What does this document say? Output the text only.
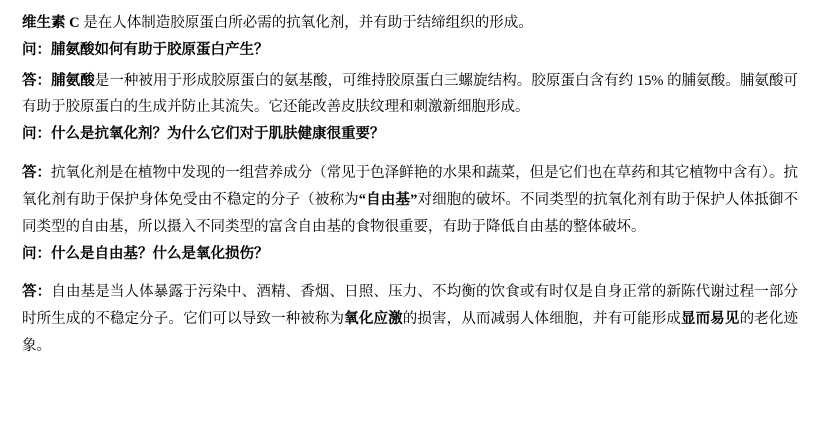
维生素 C 是在人体制造胶原蛋白所必需的抗氧化剂，并有助于结缔组织的形成。

问：脯氨酸如何有助于胶原蛋白产生？

答：脯氨酸是一种被用于形成胶原蛋白的氨基酸，可维持胶原蛋白三螺旋结构。胶原蛋白含有约 15% 的脯氨酸。脯氨酸可有助于胶原蛋白的生成并防止其流失。它还能改善皮肤纹理和刺激新细胞形成。

问：什么是抗氧化剂？为什么它们对于肌肤健康很重要？

答：抗氧化剂是在植物中发现的一组营养成分（常见于色泽鲜艳的水果和蔬菜，但是它们也在草药和其它植物中含有）。抗氧化剂有助于保护身体免受由不稳定的分子（被称为“自由基”对细胞的破坏。不同类型的抗氧化剂有助于保护人体抵御不同类型的自由基，所以摄入不同类型的富含自由基的食物很重要，有助于降低自由基的整体破坏。

问：什么是自由基？什么是氧化损伤？

答：自由基是当人体暴露于污染中、酒精、香烟、日照、压力、不均衡的饮食或有时仅是自身正常的新陈代谢过程一部分时所生成的不稳定分子。它们可以导致一种被称为氧化应激的损害，从而减弱人体细胞，并有可能形成显而易见的老化迹象。
